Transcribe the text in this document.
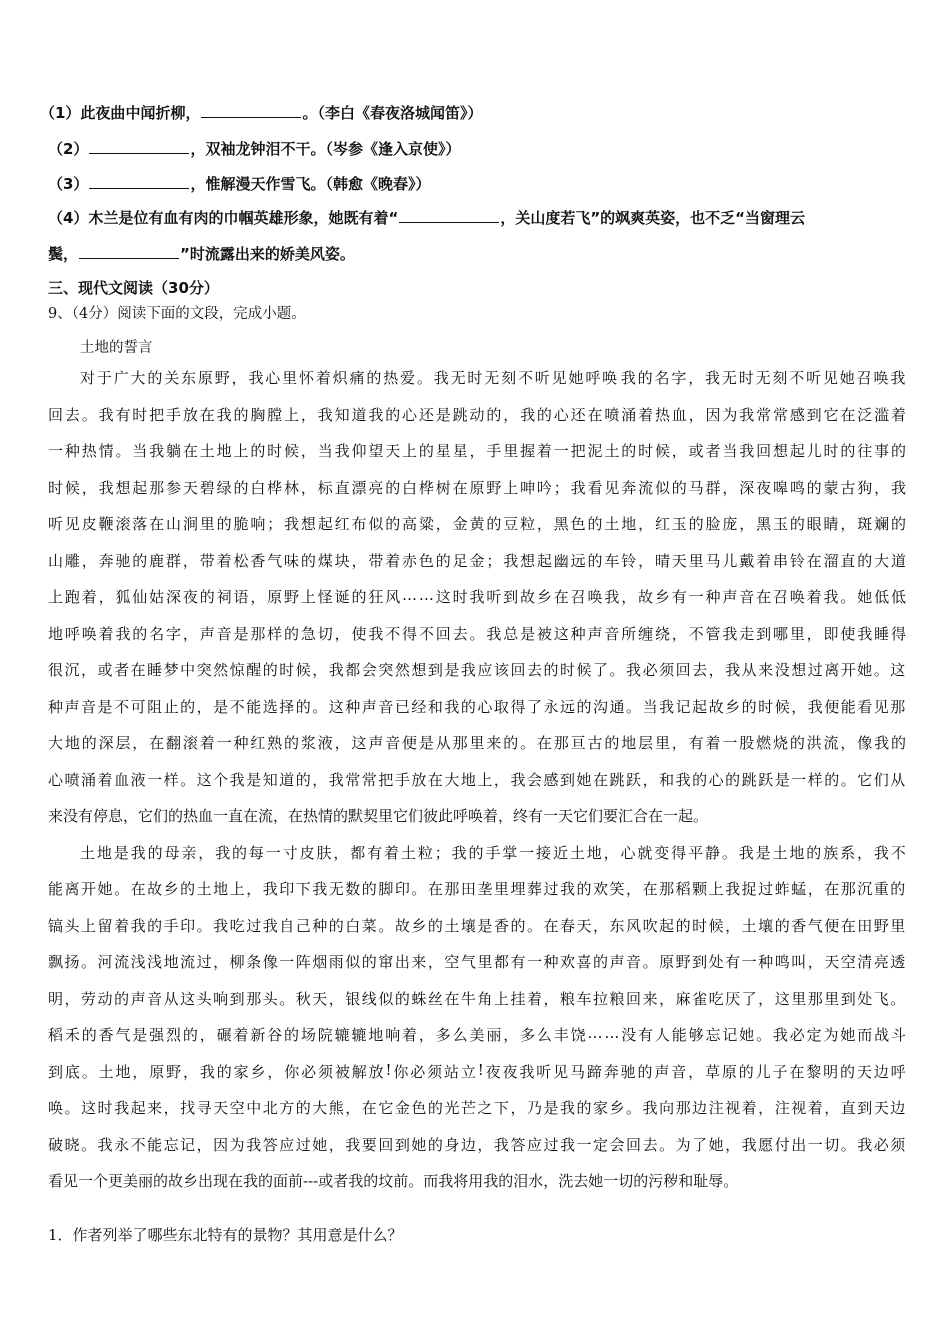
（1）此夜曲中闻折柳，	。（李白《春夜洛城闻笛》）
（2）	，双袖龙钟泪不干。（岑参《逢入京使》）
（3）	，惟解漫天作雪飞。（韩愈《晚春》）
（4）木兰是位有血有肉的巾帼英雄形象，她既有着“	，关山度若飞”的飒爽英姿，也不乏“当窗理云
鬓，	”时流露出来的娇美风姿。
三、现代文阅读（30分）
9、（4分）阅读下面的文段，完成小题。
土地的誓言
对 于 广 大 的 关 东 原 野 ， 我 心 里 怀 着 炽 痛 的 热 爱 。 我 无 时 无 刻 不 听 见 她 呼 唤 我 的 名 字 ， 我 无 时 无 刻 不 听 见 她 召 唤 我
回 去 。 我 有 时 把 手 放 在 我 的 胸 膛 上 ， 我 知 道 我 的 心 还 是 跳 动 的 ， 我 的 心 还 在 喷 涌 着 热 血 ， 因 为 我 常 常 感 到 它 在 泛 滥 着
一 种 热 情 。 当 我 躺 在 土 地 上 的 时 候 ， 当 我 仰 望 天 上 的 星 星 ， 手 里 握 着 一 把 泥 土 的 时 候 ， 或 者 当 我 回 想 起 儿 时 的 往 事 的
时 候 ， 我 想 起 那 参 天 碧 绿 的 白 桦 林 ， 标 直 漂 亮 的 白 桦 树 在 原 野 上 呻 吟 ； 我 看 见 奔 流 似 的 马 群 ， 深 夜 嗥 鸣 的 蒙 古 狗 ， 我
听 见 皮 鞭 滚 落 在 山 涧 里 的 脆 响 ； 我 想 起 红 布 似 的 高 粱 ， 金 黄 的 豆 粒 ， 黑 色 的 土 地 ， 红 玉 的 脸 庞 ， 黑 玉 的 眼 睛 ， 斑 斓 的
山 雕 ， 奔 驰 的 鹿 群 ， 带 着 松 香 气 味 的 煤 块 ， 带 着 赤 色 的 足 金 ； 我 想 起 幽 远 的 车 铃 ， 晴 天 里 马 儿 戴 着 串 铃 在 溜 直 的 大 道
上 跑 着 ， 狐 仙 姑 深 夜 的 祠 语 ， 原 野 上 怪 诞 的 狂 风 … … 这 时 我 听 到 故 乡 在 召 唤 我 ， 故 乡 有 一 种 声 音 在 召 唤 着 我 。 她 低 低
地 呼 唤 着 我 的 名 字 ， 声 音 是 那 样 的 急 切 ， 使 我 不 得 不 回 去 。 我 总 是 被 这 种 声 音 所 缠 绕 ， 不 管 我 走 到 哪 里 ， 即 使 我 睡 得
很 沉 ， 或 者 在 睡 梦 中 突 然 惊 醒 的 时 候 ， 我 都 会 突 然 想 到 是 我 应 该 回 去 的 时 候 了 。 我 必 须 回 去 ， 我 从 来 没 想 过 离 开 她 。 这
种 声 音 是 不 可 阻 止 的 ， 是 不 能 选 择 的 。 这 种 声 音 已 经 和 我 的 心 取 得 了 永 远 的 沟 通 。 当 我 记 起 故 乡 的 时 候 ， 我 便 能 看 见 那
大 地 的 深 层 ， 在 翻 滚 着 一 种 红 熟 的 浆 液 ， 这 声 音 便 是 从 那 里 来 的 。 在 那 亘 古 的 地 层 里 ， 有 着 一 股 燃 烧 的 洪 流 ， 像 我 的
心 喷 涌 着 血 液 一 样 。 这 个 我 是 知 道 的 ， 我 常 常 把 手 放 在 大 地 上 ， 我 会 感 到 她 在 跳 跃 ， 和 我 的 心 的 跳 跃 是 一 样 的 。 它 们 从
来没有停息，它们的热血一直在流，在热情的默契里它们彼此呼唤着，终有一天它们要汇合在一起。
土 地 是 我 的 母 亲 ， 我 的 每 一 寸 皮 肤 ， 都 有 着 土 粒 ； 我 的 手 掌 一 接 近 土 地 ， 心 就 变 得 平 静 。 我 是 土 地 的 族 系 ， 我 不
能 离 开 她 。 在 故 乡 的 土 地 上 ， 我 印 下 我 无 数 的 脚 印 。 在 那 田 垄 里 埋 葬 过 我 的 欢 笑 ， 在 那 稻 颗 上 我 捉 过 蚱 蜢 ， 在 那 沉 重 的
镐 头 上 留 着 我 的 手 印 。 我 吃 过 我 自 己 种 的 白 菜 。 故 乡 的 土 壤 是 香 的 。 在 春 天 ， 东 风 吹 起 的 时 候 ， 土 壤 的 香 气 便 在 田 野 里
飘 扬 。 河 流 浅 浅 地 流 过 ， 柳 条 像 一 阵 烟 雨 似 的 窜 出 来 ， 空 气 里 都 有 一 种 欢 喜 的 声 音 。 原 野 到 处 有 一 种 鸣 叫 ， 天 空 清 亮 透
明 ， 劳 动 的 声 音 从 这 头 响 到 那 头 。 秋 天 ， 银 线 似 的 蛛 丝 在 牛 角 上 挂 着 ， 粮 车 拉 粮 回 来 ， 麻 雀 吃 厌 了 ， 这 里 那 里 到 处 飞 。
稻 禾 的 香 气 是 强 烈 的 ， 碾 着 新 谷 的 场 院 辘 辘 地 响 着 ， 多 么 美 丽 ， 多 么 丰 饶 … … 没 有 人 能 够 忘 记 她 。 我 必 定 为 她 而 战 斗
到 底 。 土 地 ， 原 野 ， 我 的 家 乡 ， 你 必 须 被 解 放 ! 你 必 须 站 立 ! 夜 夜 我 听 见 马 蹄 奔 驰 的 声 音 ， 草 原 的 儿 子 在 黎 明 的 天 边 呼
唤 。 这 时 我 起 来 ， 找 寻 天 空 中 北 方 的 大 熊 ， 在 它 金 色 的 光 芒 之 下 ， 乃 是 我 的 家 乡 。 我 向 那 边 注 视 着 ， 注 视 着 ， 直 到 天 边
破 晓 。 我 永 不 能 忘 记 ， 因 为 我 答 应 过 她 ， 我 要 回 到 她 的 身 边 ， 我 答 应 过 我 一 定 会 回 去 。 为 了 她 ， 我 愿 付 出 一 切 。 我 必 须
看见一个更美丽的故乡出现在我的面前---或者我的坟前。而我将用我的泪水，洗去她一切的污秽和耻辱。
1．作者列举了哪些东北特有的景物？其用意是什么？
